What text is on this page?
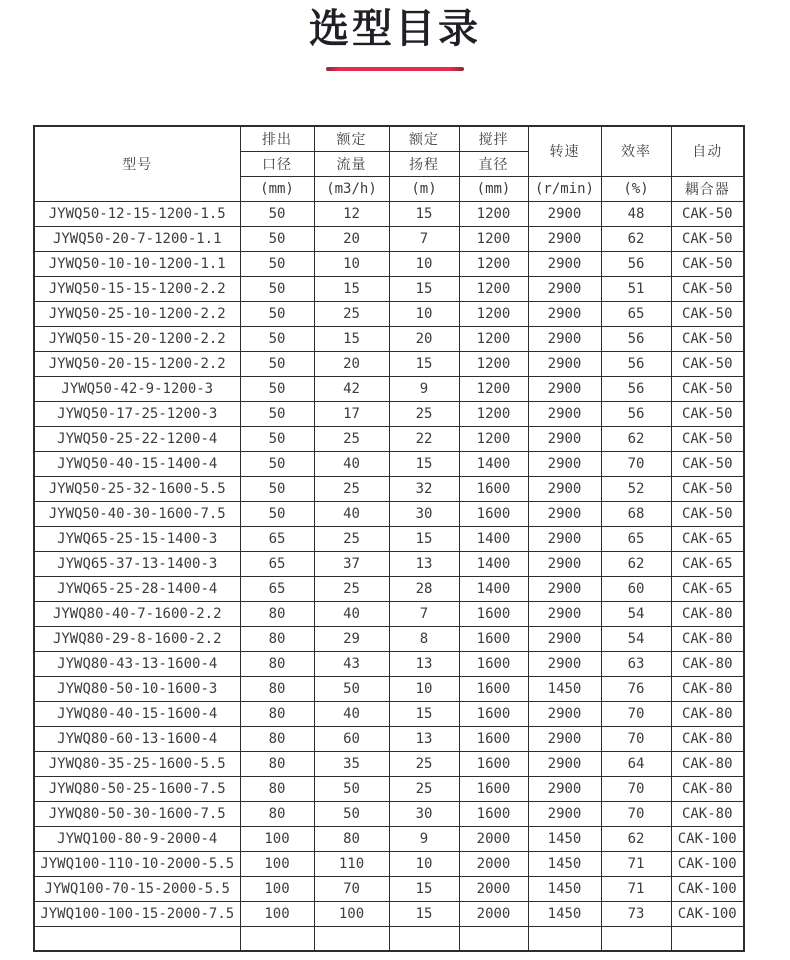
选型目录
型号	排出	额定	额定	搅拌	转速	效率	自动
	口径	流量	扬程	直径			
	(mm)	(m3/h)	(m)	(mm)	(r/min)	(%)	耦合器
JYWQ50-12-15-1200-1.5	50	12	15	1200	2900	48	CAK-50
JYWQ50-20-7-1200-1.1	50	20	7	1200	2900	62	CAK-50
JYWQ50-10-10-1200-1.1	50	10	10	1200	2900	56	CAK-50
JYWQ50-15-15-1200-2.2	50	15	15	1200	2900	51	CAK-50
JYWQ50-25-10-1200-2.2	50	25	10	1200	2900	65	CAK-50
JYWQ50-15-20-1200-2.2	50	15	20	1200	2900	56	CAK-50
JYWQ50-20-15-1200-2.2	50	20	15	1200	2900	56	CAK-50
JYWQ50-42-9-1200-3	50	42	9	1200	2900	56	CAK-50
JYWQ50-17-25-1200-3	50	17	25	1200	2900	56	CAK-50
JYWQ50-25-22-1200-4	50	25	22	1200	2900	62	CAK-50
JYWQ50-40-15-1400-4	50	40	15	1400	2900	70	CAK-50
JYWQ50-25-32-1600-5.5	50	25	32	1600	2900	52	CAK-50
JYWQ50-40-30-1600-7.5	50	40	30	1600	2900	68	CAK-50
JYWQ65-25-15-1400-3	65	25	15	1400	2900	65	CAK-65
JYWQ65-37-13-1400-3	65	37	13	1400	2900	62	CAK-65
JYWQ65-25-28-1400-4	65	25	28	1400	2900	60	CAK-65
JYWQ80-40-7-1600-2.2	80	40	7	1600	2900	54	CAK-80
JYWQ80-29-8-1600-2.2	80	29	8	1600	2900	54	CAK-80
JYWQ80-43-13-1600-4	80	43	13	1600	2900	63	CAK-80
JYWQ80-50-10-1600-3	80	50	10	1600	1450	76	CAK-80
JYWQ80-40-15-1600-4	80	40	15	1600	2900	70	CAK-80
JYWQ80-60-13-1600-4	80	60	13	1600	2900	70	CAK-80
JYWQ80-35-25-1600-5.5	80	35	25	1600	2900	64	CAK-80
JYWQ80-50-25-1600-7.5	80	50	25	1600	2900	70	CAK-80
JYWQ80-50-30-1600-7.5	80	50	30	1600	2900	70	CAK-80
JYWQ100-80-9-2000-4	100	80	9	2000	1450	62	CAK-100
JYWQ100-110-10-2000-5.5	100	110	10	2000	1450	71	CAK-100
JYWQ100-70-15-2000-5.5	100	70	15	2000	1450	71	CAK-100
JYWQ100-100-15-2000-7.5	100	100	15	2000	1450	73	CAK-100
